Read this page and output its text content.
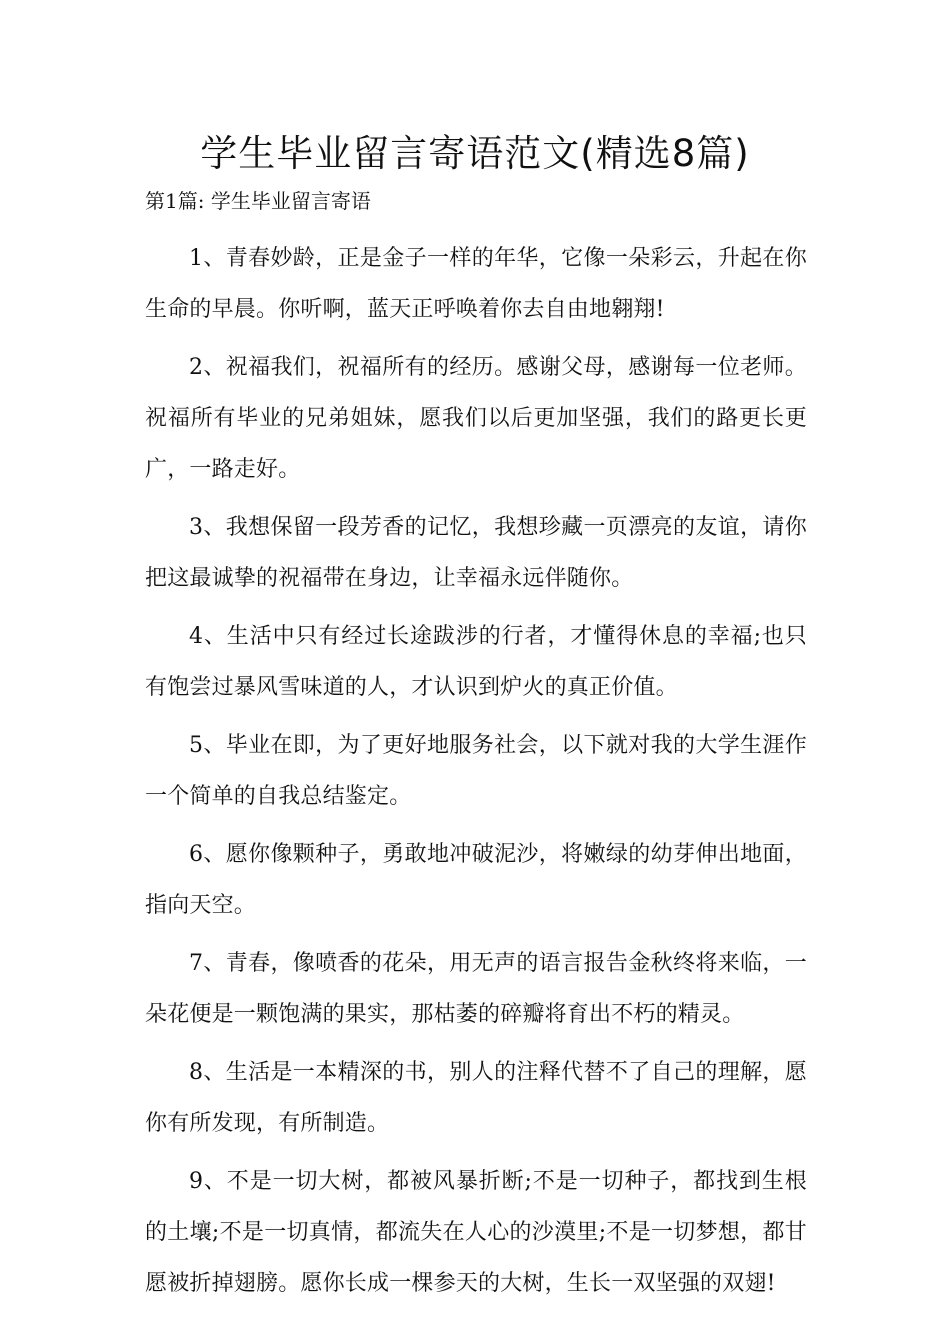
学生毕业留言寄语范文(精选8篇)
第1篇: 学生毕业留言寄语

1、青春妙龄，正是金子一样的年华，它像一朵彩云，升起在你生命的早晨。你听啊，蓝天正呼唤着你去自由地翱翔!

2、祝福我们，祝福所有的经历。感谢父母，感谢每一位老师。祝福所有毕业的兄弟姐妹，愿我们以后更加坚强，我们的路更长更广，一路走好。

3、我想保留一段芳香的记忆，我想珍藏一页漂亮的友谊，请你把这最诚挚的祝福带在身边，让幸福永远伴随你。

4、生活中只有经过长途跋涉的行者，才懂得休息的幸福;也只有饱尝过暴风雪味道的人，才认识到炉火的真正价值。

5、毕业在即，为了更好地服务社会，以下就对我的大学生涯作一个简单的自我总结鉴定。

6、愿你像颗种子，勇敢地冲破泥沙，将嫩绿的幼芽伸出地面，指向天空。

7、青春，像喷香的花朵，用无声的语言报告金秋终将来临，一朵花便是一颗饱满的果实，那枯萎的碎瓣将育出不朽的精灵。

8、生活是一本精深的书，别人的注释代替不了自己的理解，愿你有所发现，有所制造。

9、不是一切大树，都被风暴折断;不是一切种子，都找到生根的土壤;不是一切真情，都流失在人心的沙漠里;不是一切梦想，都甘愿被折掉翅膀。愿你长成一棵参天的大树，生长一双坚强的双翅!
